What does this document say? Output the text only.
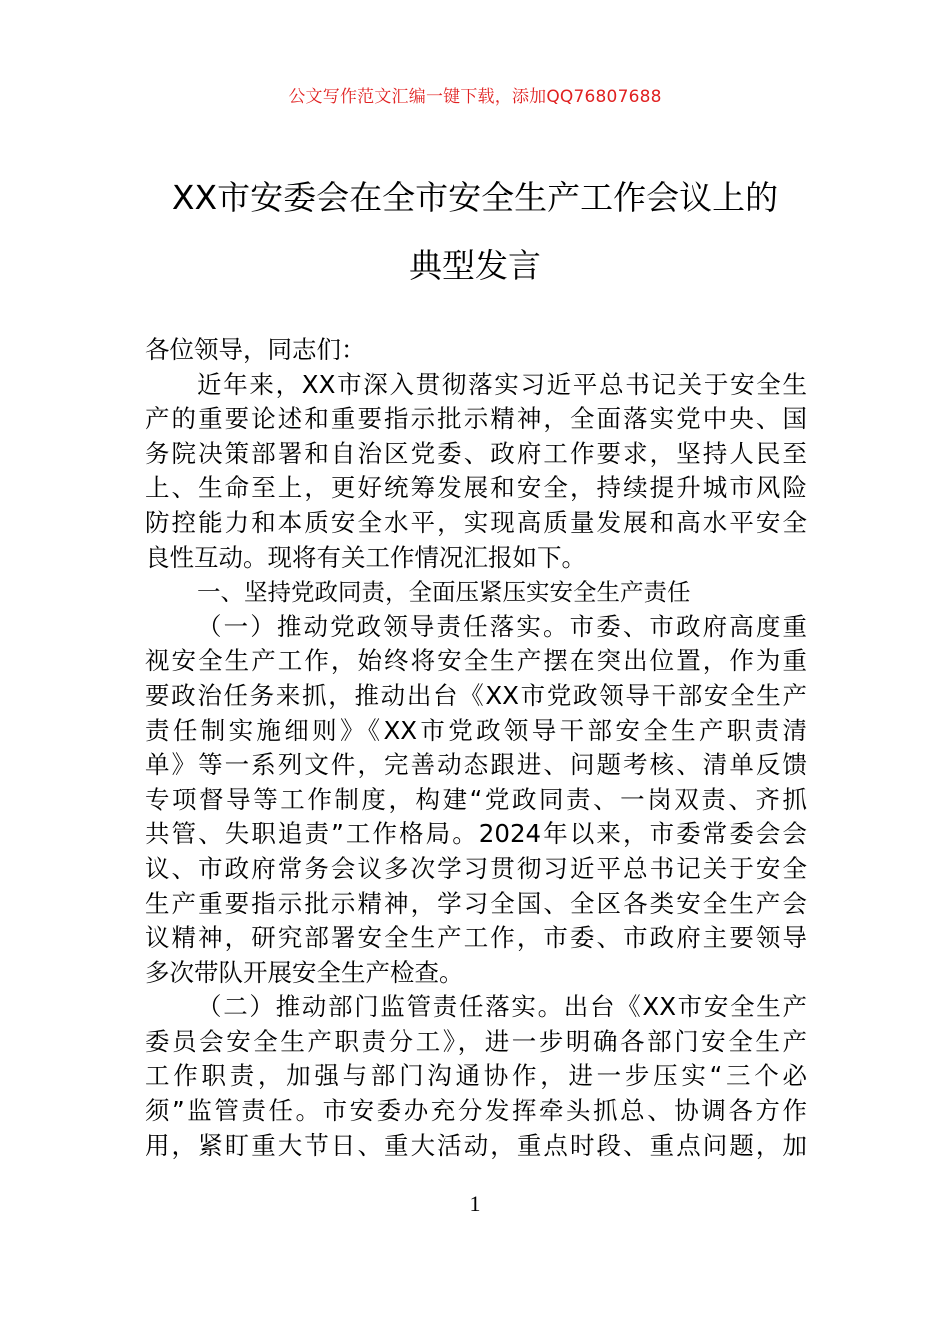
公文写作范文汇编一键下载，添加QQ76807688
XX市安委会在全市安全生产工作会议上的
典型发言
各位领导，同志们：
近年来，XX市深入贯彻落实习近平总书记关于安全生
产的重要论述和重要指示批示精神，全面落实党中央、国
务院决策部署和自治区党委、政府工作要求，坚持人民至
上、生命至上，更好统筹发展和安全，持续提升城市风险
防控能力和本质安全水平，实现高质量发展和高水平安全
良性互动。现将有关工作情况汇报如下。
一、坚持党政同责，全面压紧压实安全生产责任
（一）推动党政领导责任落实。市委、市政府高度重
视安全生产工作，始终将安全生产摆在突出位置，作为重
要政治任务来抓，推动出台《XX市党政领导干部安全生产
责任制实施细则》《XX市党政领导干部安全生产职责清
单》等一系列文件，完善动态跟进、问题考核、清单反馈
专项督导等工作制度，构建“党政同责、一岗双责、齐抓
共管、失职追责”工作格局。2024年以来，市委常委会会
议、市政府常务会议多次学习贯彻习近平总书记关于安全
生产重要指示批示精神，学习全国、全区各类安全生产会
议精神，研究部署安全生产工作，市委、市政府主要领导
多次带队开展安全生产检查。
（二）推动部门监管责任落实。出台《XX市安全生产
委员会安全生产职责分工》，进一步明确各部门安全生产
工作职责，加强与部门沟通协作，进一步压实“三个必
须”监管责任。市安委办充分发挥牵头抓总、协调各方作
用，紧盯重大节日、重大活动，重点时段、重点问题，加
1
